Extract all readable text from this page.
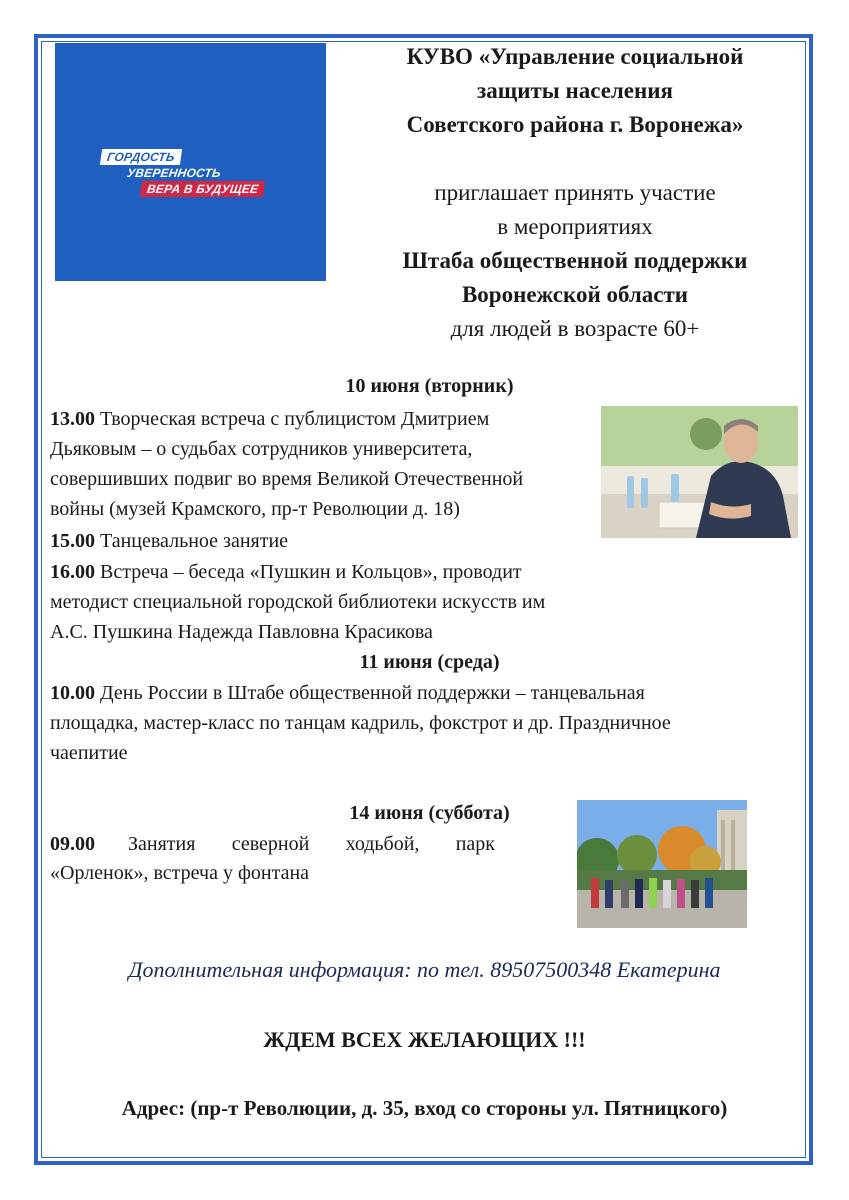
ГОРДОСТЬ
УВЕРЕННОСТЬ
ВЕРА В БУДУЩЕЕ
КУВО «Управление социальной
защиты населения
Советского района г. Воронежа»
приглашает принять участие
в мероприятиях
Штаба общественной поддержки
Воронежской области
для людей в возрасте 60+
10 июня (вторник)
13.00 Творческая встреча с публицистом Дмитрием
Дьяковым – о судьбах сотрудников университета,
совершивших подвиг во время Великой Отечественной
войны (музей Крамского, пр-т Революции д. 18)
15.00 Танцевальное занятие
16.00 Встреча – беседа «Пушкин и Кольцов», проводит
методист специальной городской библиотеки искусств им
А.С. Пушкина Надежда Павловна Красикова
11 июня (среда)
10.00 День России в Штабе общественной поддержки – танцевальная
площадка, мастер-класс по танцам кадриль, фокстрот и др. Праздничное
чаепитие
14 июня (суббота)
09.00 Занятия северной ходьбой, парк
«Орленок», встреча у фонтана
Дополнительная информация: по тел. 89507500348 Екатерина
ЖДЕМ ВСЕХ ЖЕЛАЮЩИХ !!!
Адрес: (пр-т Революции, д. 35, вход со стороны ул. Пятницкого)
